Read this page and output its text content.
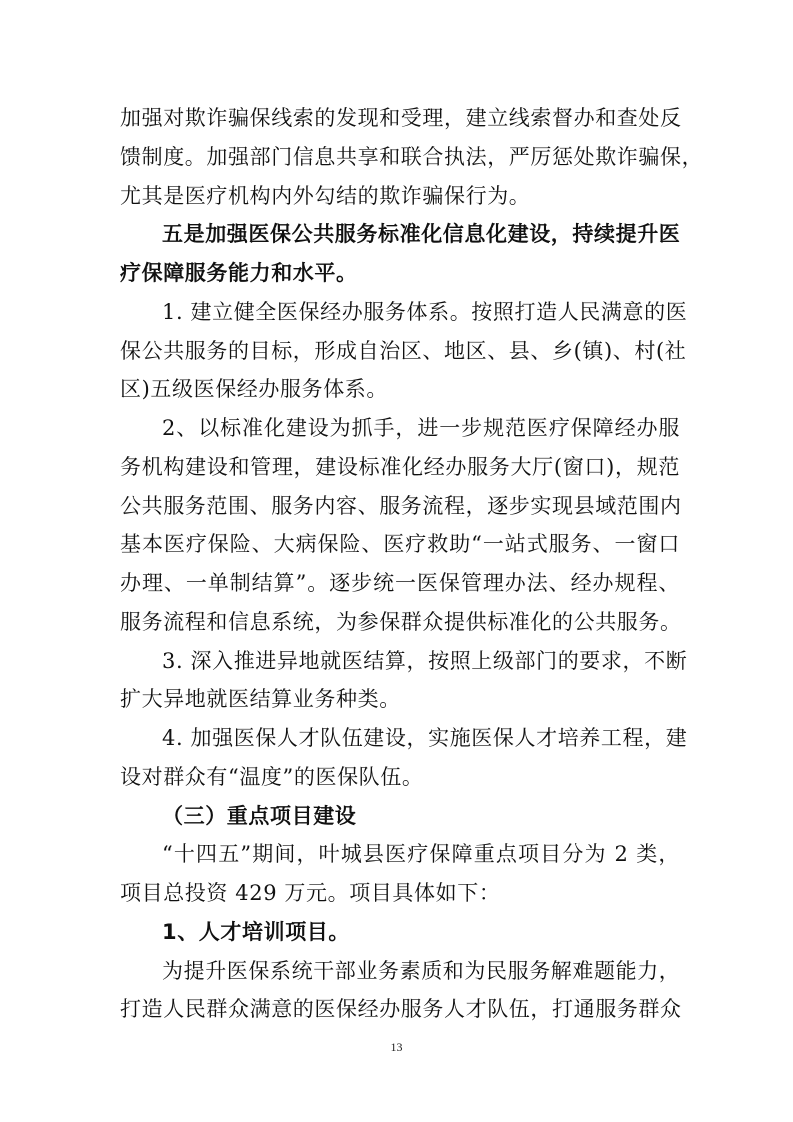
加强对欺诈骗保线索的发现和受理，建立线索督办和查处反
馈制度。加强部门信息共享和联合执法，严厉惩处欺诈骗保，
尤其是医疗机构内外勾结的欺诈骗保行为。
五是加强医保公共服务标准化信息化建设，持续提升医
疗保障服务能力和水平。
1. 建立健全医保经办服务体系。按照打造人民满意的医
保公共服务的目标，形成自治区、地区、县、乡(镇)、村(社
区)五级医保经办服务体系。
2、以标准化建设为抓手，进一步规范医疗保障经办服
务机构建设和管理，建设标准化经办服务大厅(窗口)，规范
公共服务范围、服务内容、服务流程，逐步实现县域范围内
基本医疗保险、大病保险、医疗救助“一站式服务、一窗口
办理、一单制结算”。逐步统一医保管理办法、经办规程、
服务流程和信息系统，为参保群众提供标准化的公共服务。
3. 深入推进异地就医结算，按照上级部门的要求，不断
扩大异地就医结算业务种类。
4. 加强医保人才队伍建设，实施医保人才培养工程，建
设对群众有“温度”的医保队伍。
（三）重点项目建设
“十四五”期间，叶城县医疗保障重点项目分为 2 类，
项目总投资 429 万元。项目具体如下：
1、人才培训项目。
为提升医保系统干部业务素质和为民服务解难题能力，
打造人民群众满意的医保经办服务人才队伍，打通服务群众
13
